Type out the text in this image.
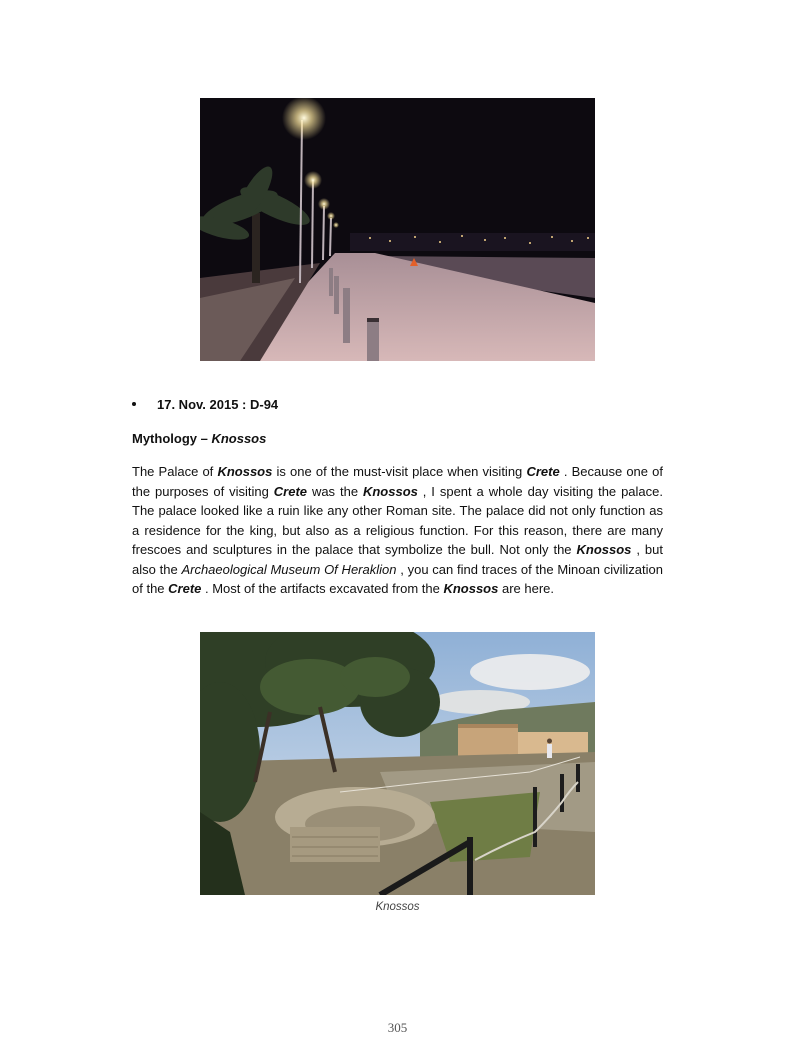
17. Nov. 2015 : D-94
Mythology – Knossos
The Palace of Knossos is one of the must-visit place when visiting Crete . Because one of the purposes of visiting Crete was the Knossos , I spent a whole day visiting the palace. The palace looked like a ruin like any other Roman site. The palace did not only function as a residence for the king, but also as a religious function. For this reason, there are many frescoes and sculptures in the palace that symbolize the bull. Not only the Knossos , but also the Archaeological Museum Of Heraklion , you can find traces of the Minoan civilization of the Crete . Most of the artifacts excavated from the Knossos are here.
Knossos
305
